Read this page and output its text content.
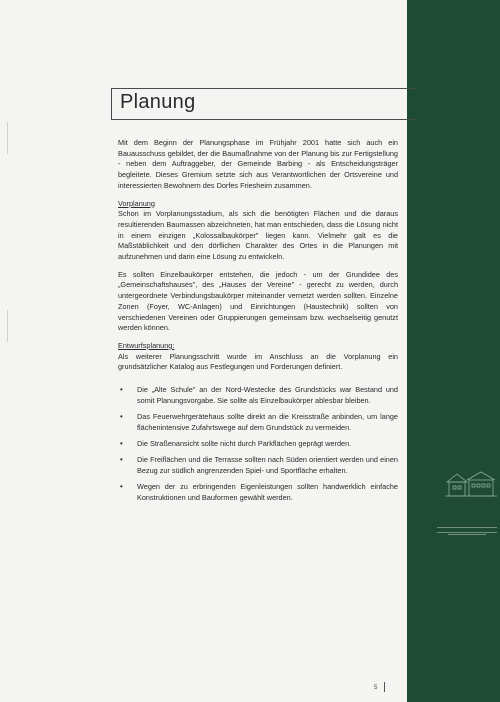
Planung

Mit dem Beginn der Planungsphase im Frühjahr 2001 hatte sich auch ein Bauausschuss gebildet, der die Baumaßnahme von der Planung bis zur Fertigstellung - neben dem Auftraggeber, der Gemeinde Barbing - als Entscheidungsträger begleitete. Dieses Gremium setzte sich aus Verantwortlichen der Ortsvereine und interessierten Bewohnern des Dorfes Friesheim zusammen.

Vorplanung

Schon im Vorplanungsstadium, als sich die benötigten Flächen und die daraus resultierenden Baumassen abzeichneten, hat man entschieden, dass die Lösung nicht in einem einzigen „Kolossalbaukörper" liegen kann. Vielmehr galt es die Maßstäblichkeit und den dörflichen Charakter des Ortes in die Planungen mit aufzunehmen und darin eine Lösung zu entwickeln.

Es sollten Einzelbaukörper entstehen, die jedoch - um der Grundidee des „Gemeinschaftshauses", des „Hauses der Vereine" - gerecht zu werden, durch untergeordnete Verbindungsbaukörper miteinander vernetzt werden sollten. Einzelne Zonen (Foyer, WC-Anlagen) und Einrichtungen (Haustechnik) sollten von verschiedenen Vereinen oder Gruppierungen gemeinsam bzw. wechselseitig genutzt werden können.

Entwurfsplanung:

Als weiterer Planungsschritt wurde im Anschluss an die Vorplanung ein grundsätzlicher Katalog aus Festlegungen und Forderungen definiert.

• Die „Alte Schule" an der Nord-Westecke des Grundstücks war Bestand und somit Planungsvorgabe. Sie sollte als Einzelbaukörper ablesbar bleiben.
• Das Feuerwehrgerätehaus sollte direkt an die Kreisstraße anbinden, um lange flächenintensive Zufahrtswege auf dem Grundstück zu vermeiden.
• Die Straßenansicht sollte nicht durch Parkflächen geprägt werden.
• Die Freiflächen und die Terrasse sollten nach Süden orientiert werden und einen Bezug zur südlich angrenzenden Spiel- und Sportfläche erhalten.
• Wegen der zu erbringenden Eigenleistungen sollten handwerklich einfache Konstruktionen und Bauformen gewählt werden.
5
